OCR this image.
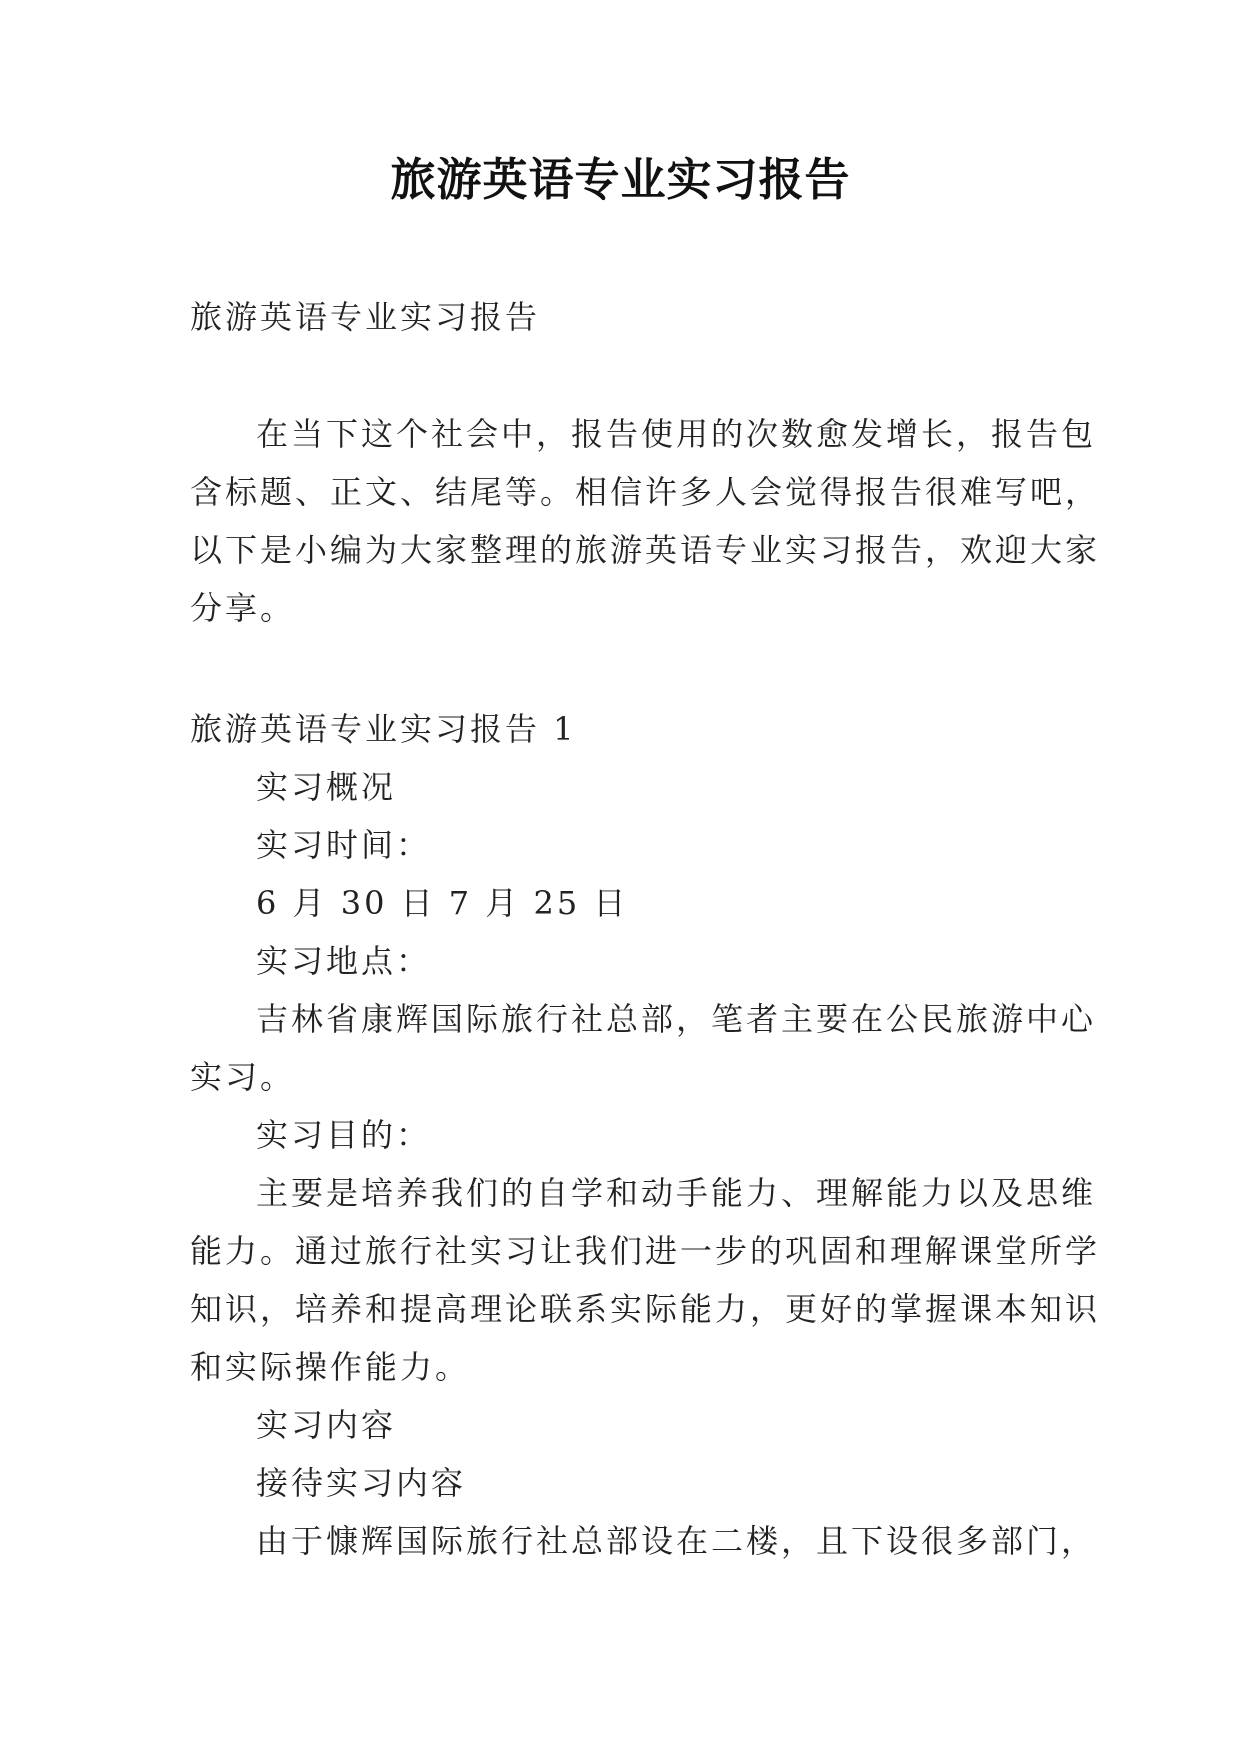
旅游英语专业实习报告
旅游英语专业实习报告
在当下这个社会中，报告使用的次数愈发增长，报告包
含标题、正文、结尾等。相信许多人会觉得报告很难写吧，
以下是小编为大家整理的旅游英语专业实习报告，欢迎大家
分享。
旅游英语专业实习报告 1
实习概况
实习时间：
6 月 30 日 7 月 25 日
实习地点：
吉林省康辉国际旅行社总部，笔者主要在公民旅游中心
实习。
实习目的：
主要是培养我们的自学和动手能力、理解能力以及思维
能力。通过旅行社实习让我们进一步的巩固和理解课堂所学
知识，培养和提高理论联系实际能力，更好的掌握课本知识
和实际操作能力。
实习内容
接待实习内容
由于慷辉国际旅行社总部设在二楼，且下设很多部门，
